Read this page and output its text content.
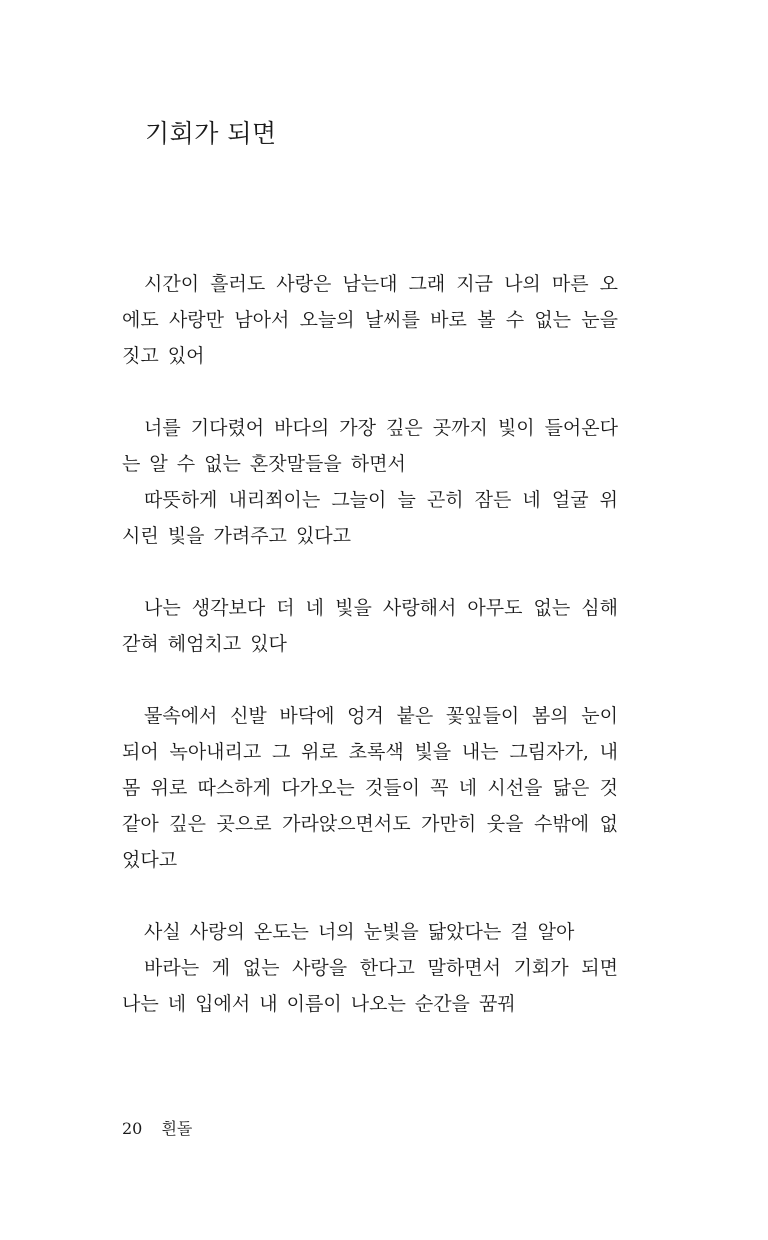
기회가 되면
시간이 흘러도 사랑은 남는대 그래 지금 나의 마른 오
에도 사랑만 남아서 오늘의 날씨를 바로 볼 수 없는 눈을
짓고 있어
너를 기다렸어 바다의 가장 깊은 곳까지 빛이 들어온다
는 알 수 없는 혼잣말들을 하면서
따뜻하게 내리쬐이는 그늘이 늘 곤히 잠든 네 얼굴 위
시린 빛을 가려주고 있다고
나는 생각보다 더 네 빛을 사랑해서 아무도 없는 심해
갇혀 헤엄치고 있다
물속에서 신발 바닥에 엉겨 붙은 꽃잎들이 봄의 눈이
되어 녹아내리고 그 위로 초록색 빛을 내는 그림자가, 내
몸 위로 따스하게 다가오는 것들이 꼭 네 시선을 닮은 것
같아 깊은 곳으로 가라앉으면서도 가만히 웃을 수밖에 없
었다고
사실 사랑의 온도는 너의 눈빛을 닮았다는 걸 알아
바라는 게 없는 사랑을 한다고 말하면서 기회가 되면
나는 네 입에서 내 이름이 나오는 순간을 꿈꿔
20 흰돌
